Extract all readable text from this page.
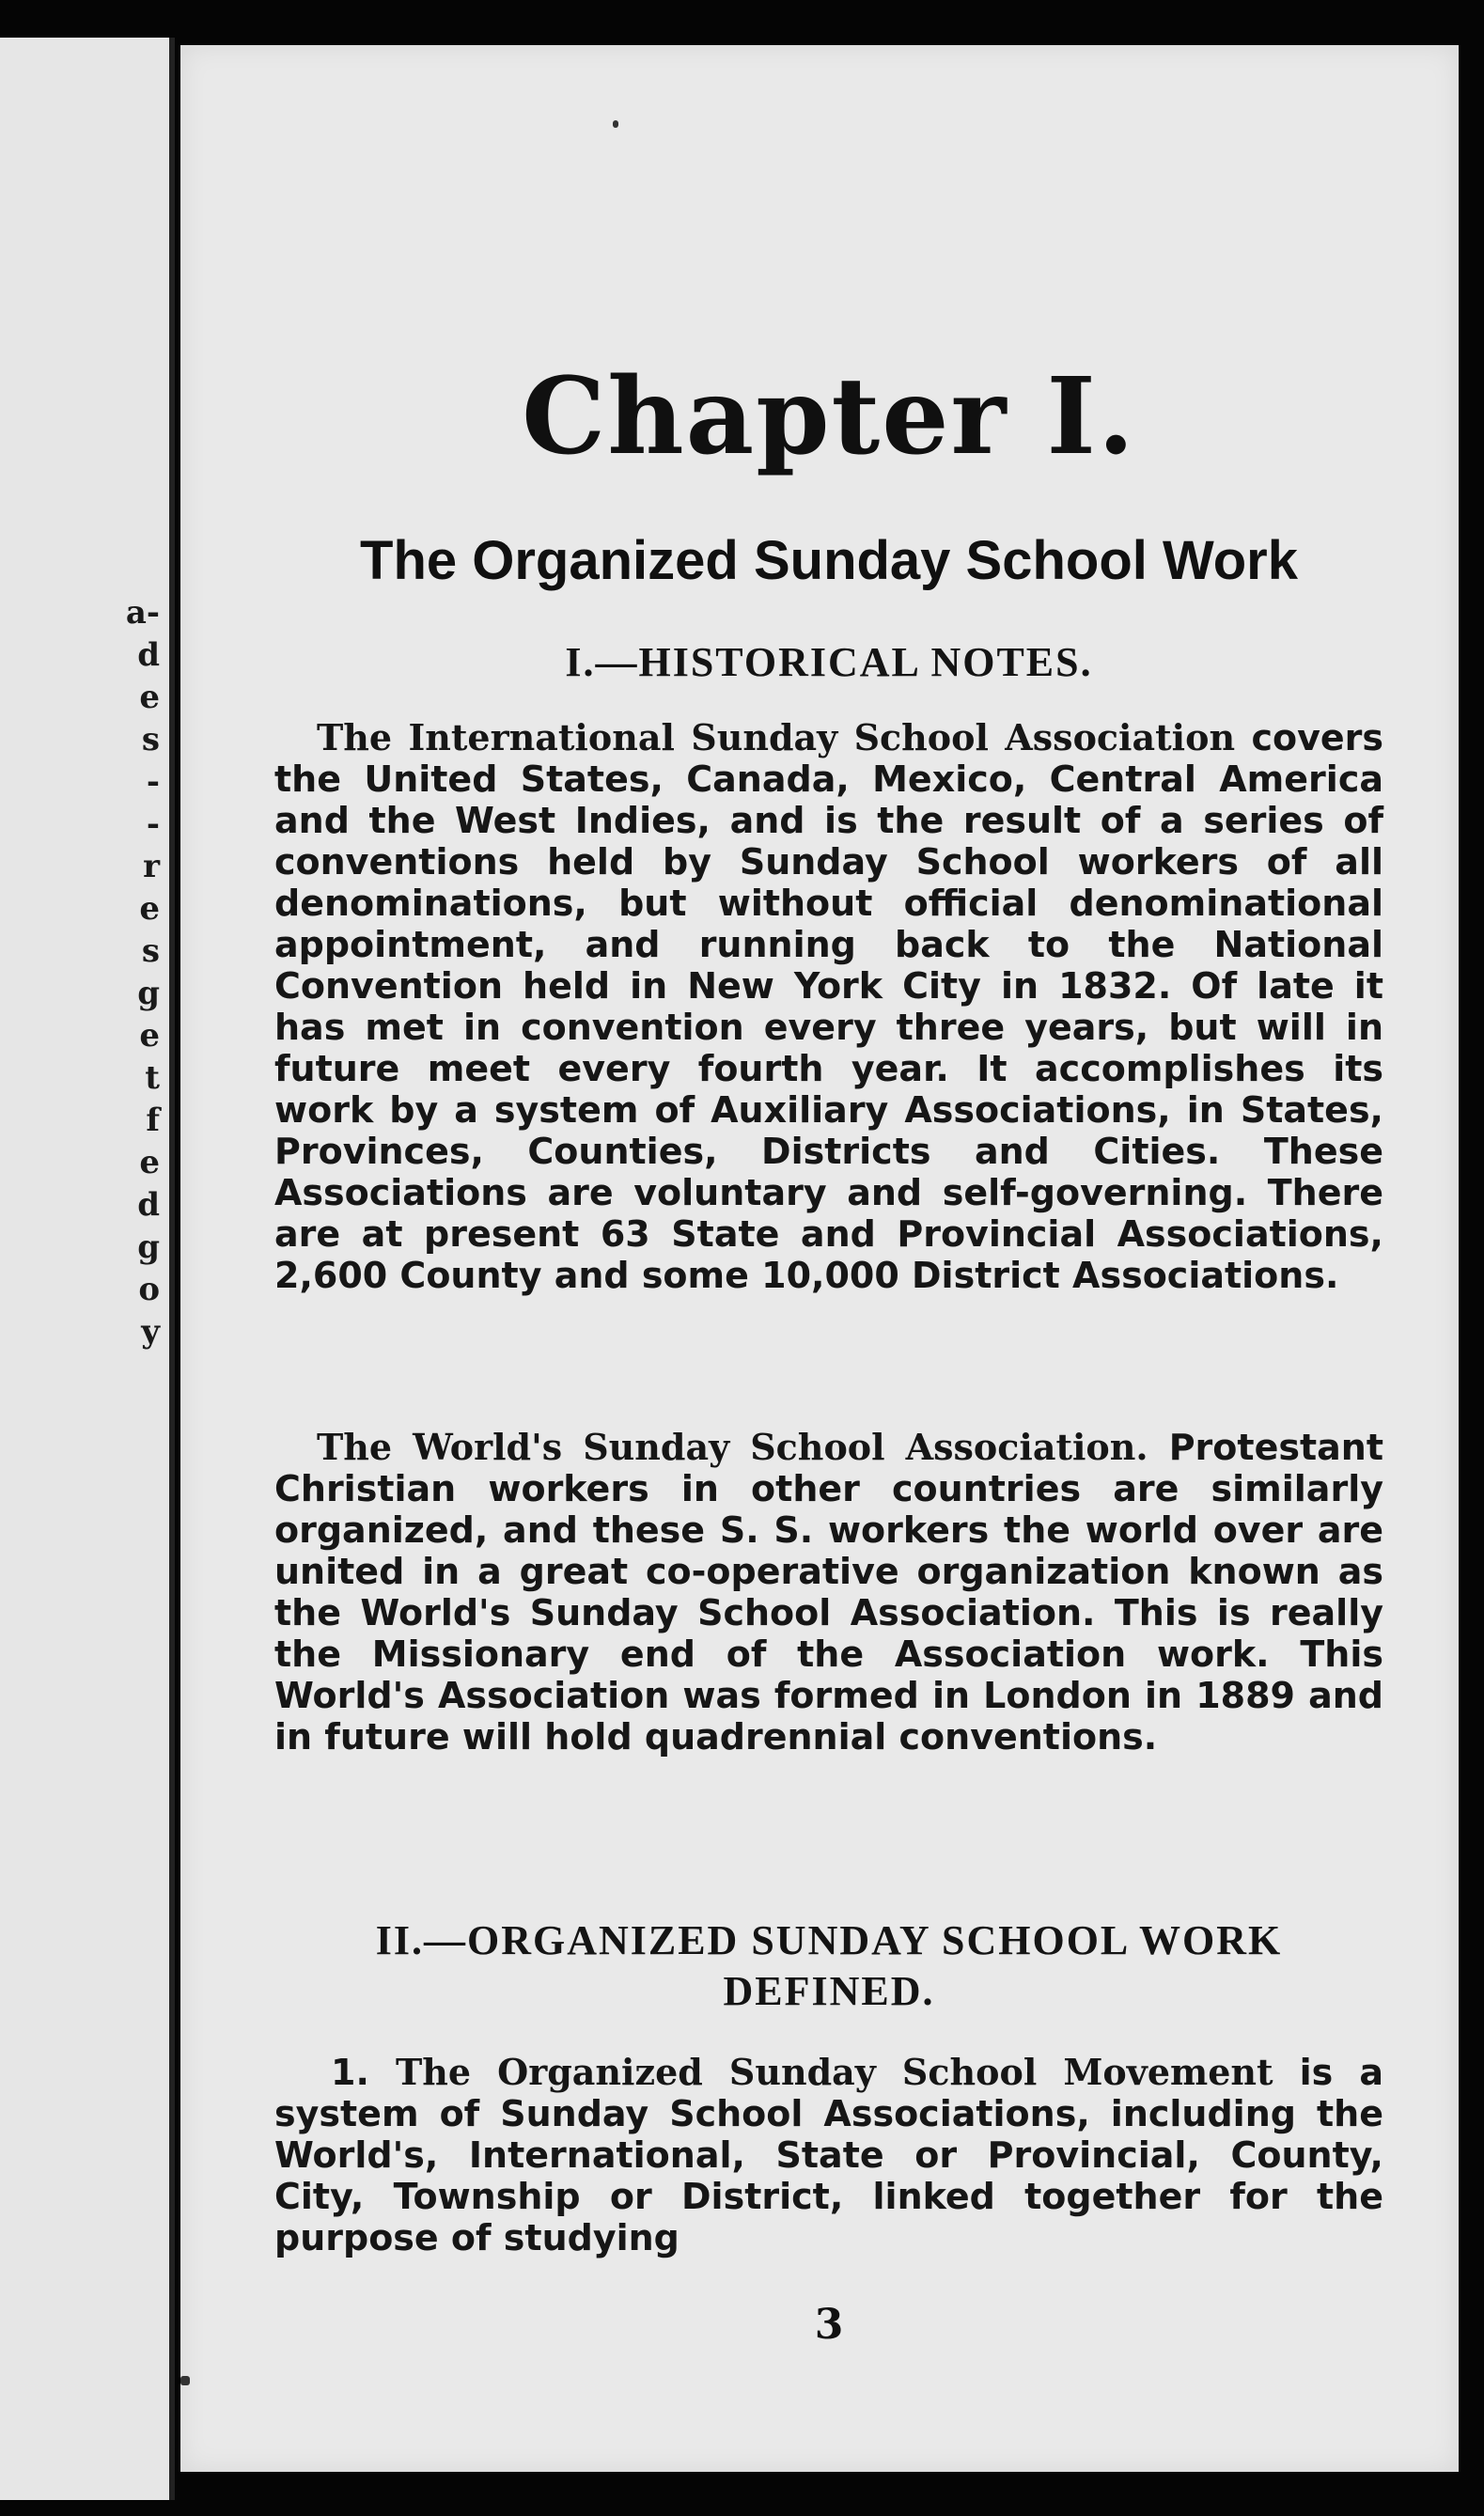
a-
d
e
s
-
-
r
e
s
g
e
t
f
e
d
g
o
y
Chapter I.
The Organized Sunday School Work
I.—HISTORICAL NOTES.
The International Sunday School Association covers the United States, Canada, Mexico, Central America and the West Indies, and is the result of a series of conventions held by Sunday School workers of all denominations, but without official denominational appointment, and running back to the National Convention held in New York City in 1832. Of late it has met in convention every three years, but will in future meet every fourth year. It accomplishes its work by a system of Auxiliary Associations, in States, Provinces, Counties, Districts and Cities. These Associations are voluntary and self-governing. There are at present 63 State and Provincial Associations, 2,600 County and some 10,000 District Associations.
The World's Sunday School Association. Protestant Christian workers in other countries are similarly organized, and these S. S. workers the world over are united in a great co-operative organization known as the World's Sunday School Association. This is really the Missionary end of the Association work. This World's Association was formed in London in 1889 and in future will hold quadrennial conventions.
II.—ORGANIZED SUNDAY SCHOOL WORK DEFINED.
1. The Organized Sunday School Movement is a system of Sunday School Associations, including the World's, International, State or Provincial, County, City, Township or District, linked together for the purpose of studying
3
